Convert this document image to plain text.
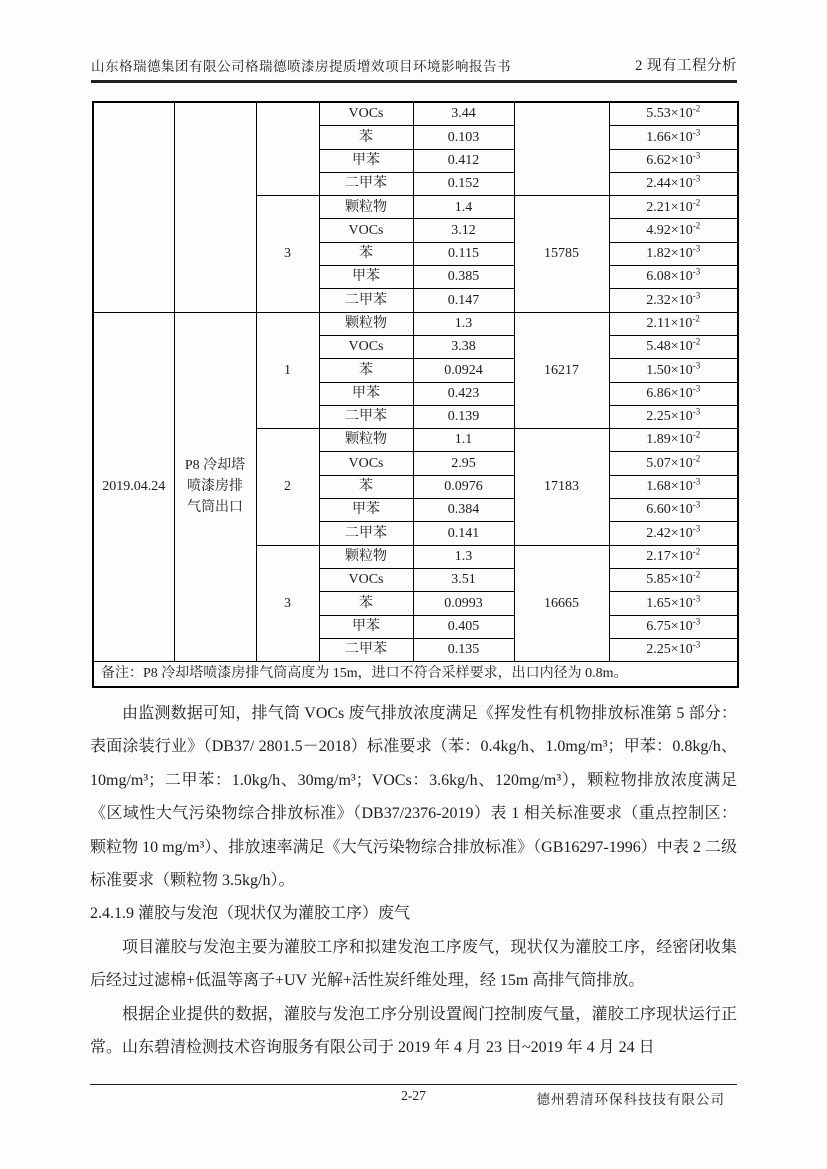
山东格瑞德集团有限公司格瑞德喷漆房提质增效项目环境影响报告书	2 现有工程分析
			VOCs	3.44		$5.53\times 10^{-2}$
			苯	0.103		$1.66\times 10^{-3}$
			甲苯	0.412		$6.62\times 10^{-3}$
			二甲苯	0.152		$2.44\times 10^{-3}$
		3	颗粒物	1.4	15785	$2.21\times 10^{-2}$
			VOCs	3.12		$4.92\times 10^{-2}$
			苯	0.115		$1.82\times 10^{-3}$
			甲苯	0.385		$6.08\times 10^{-3}$
			二甲苯	0.147		$2.32\times 10^{-3}$
2019.04.24	P8 冷却塔喷漆房排气筒出口	1	颗粒物	1.3	16217	$2.11\times 10^{-2}$
			VOCs	3.38		$5.48\times 10^{-2}$
			苯	0.0924		$1.50\times 10^{-3}$
			甲苯	0.423		$6.86\times 10^{-3}$
			二甲苯	0.139		$2.25\times 10^{-3}$
		2	颗粒物	1.1	17183	$1.89\times 10^{-2}$
			VOCs	2.95		$5.07\times 10^{-2}$
			苯	0.0976		$1.68\times 10^{-3}$
			甲苯	0.384		$6.60\times 10^{-3}$
			二甲苯	0.141		$2.42\times 10^{-3}$
		3	颗粒物	1.3	16665	$2.17\times 10^{-2}$
			VOCs	3.51		$5.85\times 10^{-2}$
			苯	0.0993		$1.65\times 10^{-3}$
			甲苯	0.405		$6.75\times 10^{-3}$
			二甲苯	0.135		$2.25\times 10^{-3}$
备注：P8 冷却塔喷漆房排气筒高度为 15m，进口不符合采样要求，出口内径为 0.8m。						

由监测数据可知，排气筒 VOCs 废气排放浓度满足《挥发性有机物排放标准第 5 部分：表面涂装行业》（DB37/ 2801.5－2018）标准要求（苯：0.4kg/h、1.0mg/m³；甲苯：0.8kg/h、10mg/m³；二甲苯：1.0kg/h、30mg/m³；VOCs：3.6kg/h、120mg/m³），颗粒物排放浓度满足《区域性大气污染物综合排放标准》（DB37/2376-2019）表 1 相关标准要求（重点控制区：颗粒物 10 mg/m³）、排放速率满足《大气污染物综合排放标准》（GB16297-1996）中表 2 二级标准要求（颗粒物 3.5kg/h）。

2.4.1.9 灌胶与发泡（现状仅为灌胶工序）废气

项目灌胶与发泡主要为灌胶工序和拟建发泡工序废气，现状仅为灌胶工序，经密闭收集后经过过滤棉+低温等离子+UV 光解+活性炭纤维处理，经 15m 高排气筒排放。

根据企业提供的数据，灌胶与发泡工序分别设置阀门控制废气量，灌胶工序现状运行正常。山东碧清检测技术咨询服务有限公司于 2019 年 4 月 23 日~2019 年 4 月 24 日

2-27	德州碧清环保科技技有限公司
